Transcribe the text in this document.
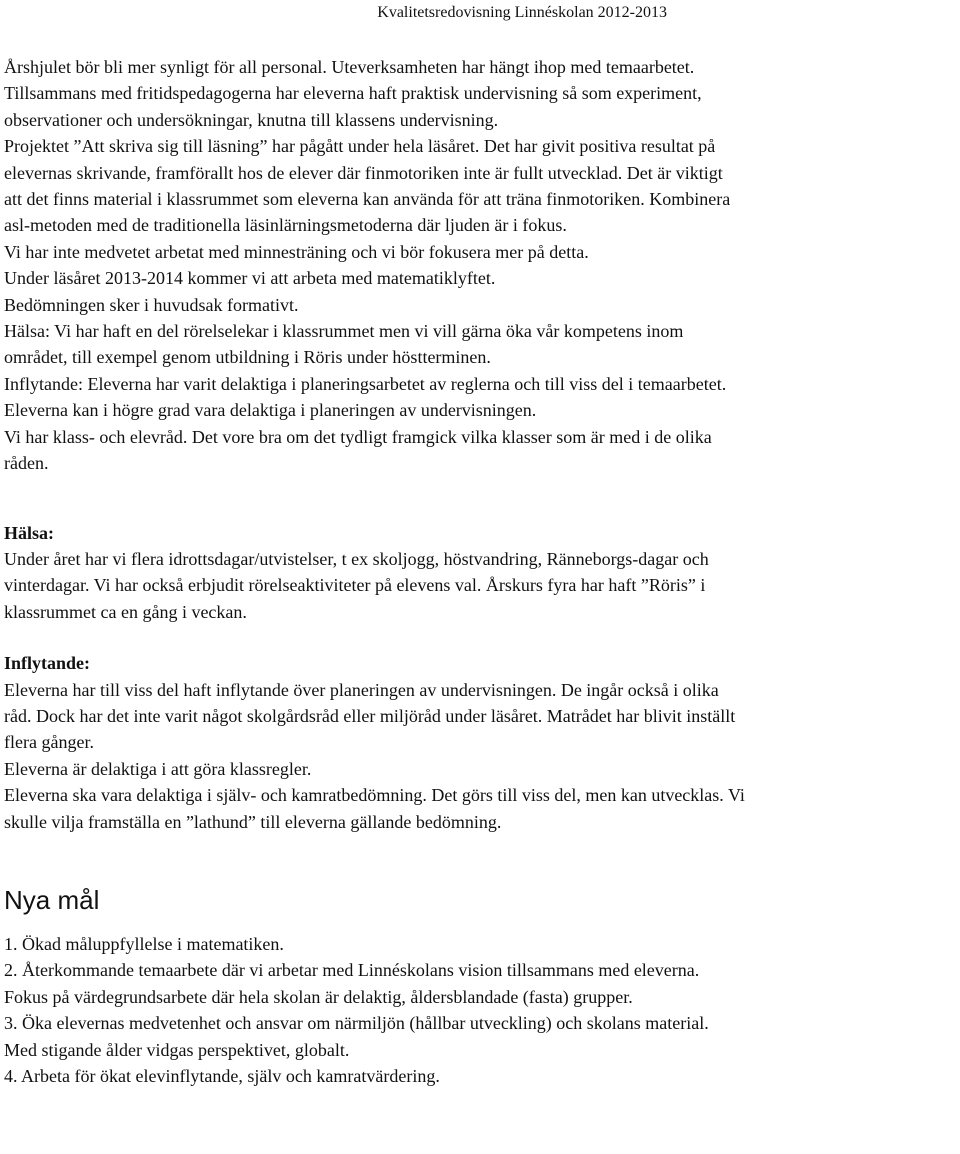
Kvalitetsredovisning Linnéskolan 2012-2013
Årshjulet bör bli mer synligt för all personal. Uteverksamheten har hängt ihop med temaarbetet.
Tillsammans med fritidspedagogerna har eleverna haft praktisk undervisning så som experiment,
observationer och undersökningar, knutna till klassens undervisning.
Projektet ”Att skriva sig till läsning” har pågått under hela läsåret. Det har givit positiva resultat på
elevernas skrivande, framförallt hos de elever där finmotoriken inte är fullt utvecklad. Det är viktigt
att det finns material i klassrummet som eleverna kan använda för att träna finmotoriken. Kombinera
asl-metoden med de traditionella läsinlärningsmetoderna där ljuden är i fokus.
Vi har inte medvetet arbetat med minnesträning och vi bör fokusera mer på detta.
Under läsåret 2013-2014 kommer vi att arbeta med matematiklyftet.
Bedömningen sker i huvudsak formativt.
Hälsa: Vi har haft en del rörelselekar i klassrummet men vi vill gärna öka vår kompetens inom
området, till exempel genom utbildning i Röris under höstterminen.
Inflytande: Eleverna har varit delaktiga i planeringsarbetet av reglerna och till viss del i temaarbetet.
Eleverna kan i högre grad vara delaktiga i planeringen av undervisningen.
Vi har klass- och elevråd. Det vore bra om det tydligt framgick vilka klasser som är med i de olika
råden.
Hälsa:
Under året har vi flera idrottsdagar/utvistelser, t ex skoljogg, höstvandring, Ränneborgs-dagar och
vinterdagar. Vi har också erbjudit rörelseaktiviteter på elevens val. Årskurs fyra har haft ”Röris” i
klassrummet ca en gång i veckan.
Inflytande:
Eleverna har till viss del haft inflytande över planeringen av undervisningen. De ingår också i olika
råd. Dock har det inte varit något skolgårdsråd eller miljöråd under läsåret. Matrådet har blivit inställt
flera gånger.
Eleverna är delaktiga i att göra klassregler.
Eleverna ska vara delaktiga i själv- och kamratbedömning. Det görs till viss del, men kan utvecklas. Vi
skulle vilja framställa en ”lathund” till eleverna gällande bedömning.
Nya mål
1. Ökad måluppfyllelse i matematiken.
2. Återkommande temaarbete där vi arbetar med Linnéskolans vision tillsammans med eleverna.
Fokus på värdegrundsarbete där hela skolan är delaktig, åldersblandade (fasta) grupper.
3. Öka elevernas medvetenhet och ansvar om närmiljön (hållbar utveckling) och skolans material.
Med stigande ålder vidgas perspektivet, globalt.
4. Arbeta för ökat elevinflytande, själv och kamratvärdering.
